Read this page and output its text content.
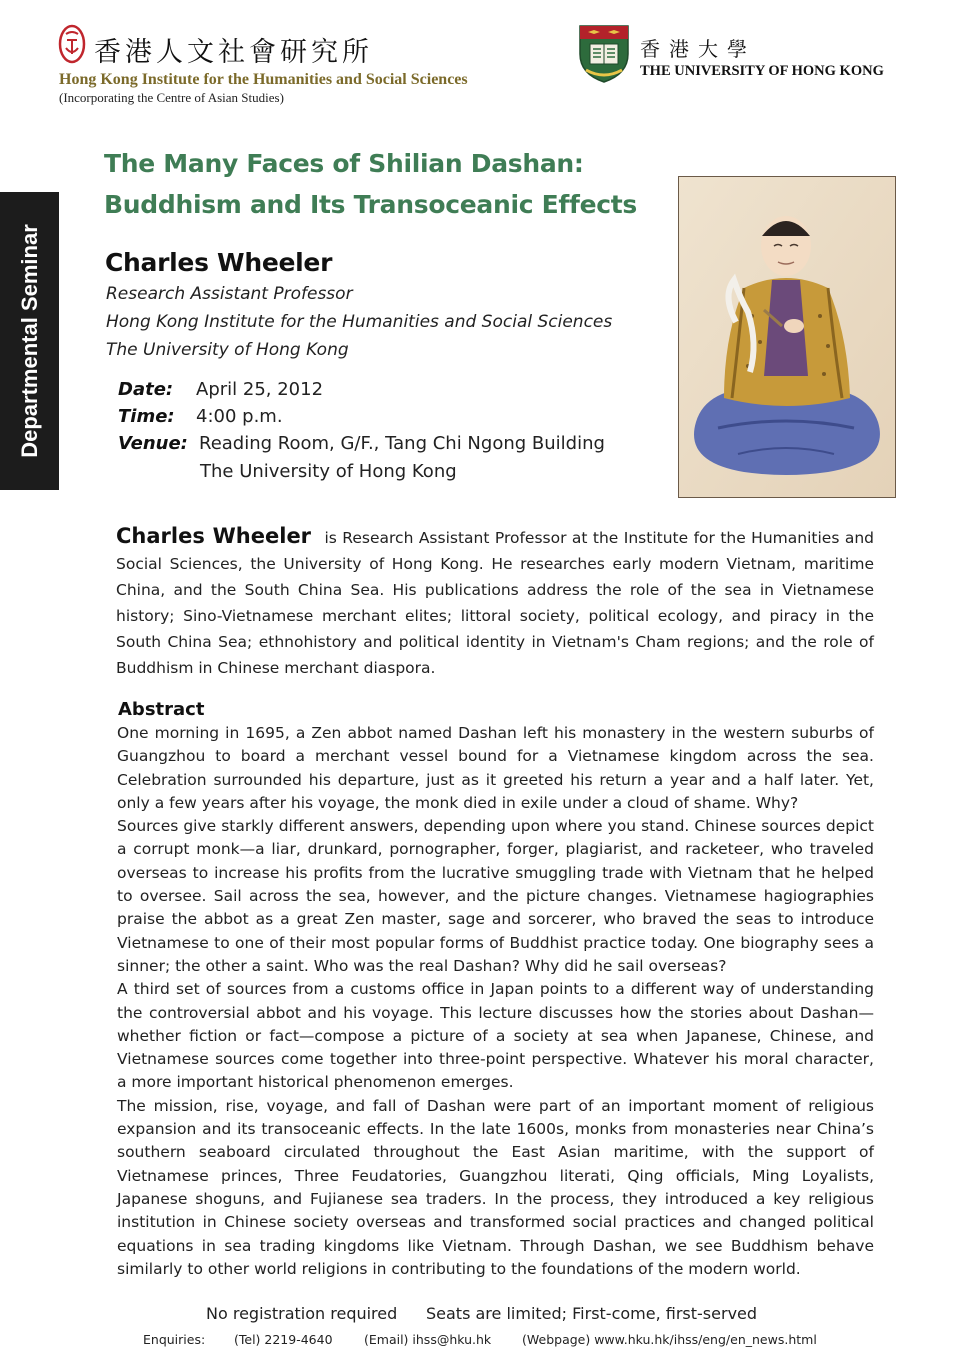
香港人文社會研究所
Hong Kong Institute for the Humanities and Social Sciences
(Incorporating the Centre of Asian Studies)
香港大學
THE UNIVERSITY OF HONG KONG
Departmental Seminar
The Many Faces of Shilian Dashan:
Buddhism and Its Transoceanic Effects
Charles Wheeler
Research Assistant Professor
Hong Kong Institute for the Humanities and Social Sciences
The University of Hong Kong
Date: April 25, 2012
Time: 4:00 p.m.
Venue: Reading Room, G/F., Tang Chi Ngong Building
The University of Hong Kong
Charles Wheeler is Research Assistant Professor at the Institute for the Humanities and Social Sciences, the University of Hong Kong. He researches early modern Vietnam, maritime China, and the South China Sea. His publications address the role of the sea in Vietnamese history; Sino-Vietnamese merchant elites; littoral society, political ecology, and piracy in the South China Sea; ethnohistory and political identity in Vietnam's Cham regions; and the role of Buddhism in Chinese merchant diaspora.
Abstract

One morning in 1695, a Zen abbot named Dashan left his monastery in the western suburbs of Guangzhou to board a merchant vessel bound for a Vietnamese kingdom across the sea. Celebration surrounded his departure, just as it greeted his return a year and a half later. Yet, only a few years after his voyage, the monk died in exile under a cloud of shame. Why?

Sources give starkly different answers, depending upon where you stand. Chinese sources depict a corrupt monk—a liar, drunkard, pornographer, forger, plagiarist, and racketeer, who traveled overseas to increase his profits from the lucrative smuggling trade with Vietnam that he helped to oversee. Sail across the sea, however, and the picture changes. Vietnamese hagiographies praise the abbot as a great Zen master, sage and sorcerer, who braved the seas to introduce Vietnamese to one of their most popular forms of Buddhist practice today. One biography sees a sinner; the other a saint. Who was the real Dashan? Why did he sail overseas?

A third set of sources from a customs office in Japan points to a different way of understanding the controversial abbot and his voyage. This lecture discusses how the stories about Dashan—whether fiction or fact—compose a picture of a society at sea when Japanese, Chinese, and Vietnamese sources come together into three-point perspective. Whatever his moral character, a more important historical phenomenon emerges.

The mission, rise, voyage, and fall of Dashan were part of an important moment of religious expansion and its transoceanic effects. In the late 1600s, monks from monasteries near China’s southern seaboard circulated throughout the East Asian maritime, with the support of Vietnamese princes, Three Feudatories, Guangzhou literati, Qing officials, Ming Loyalists, Japanese shoguns, and Fujianese sea traders. In the process, they introduced a key religious institution in Chinese society overseas and transformed social practices and changed political equations in sea trading kingdoms like Vietnam. Through Dashan, we see Buddhism behave similarly to other world religions in contributing to the foundations of the modern world.

No registration required Seats are limited; First-come, first-served
Enquiries: (Tel) 2219-4640	(Email) ihss@hku.hk (Webpage) www.hku.hk/ihss/eng/en_news.html
